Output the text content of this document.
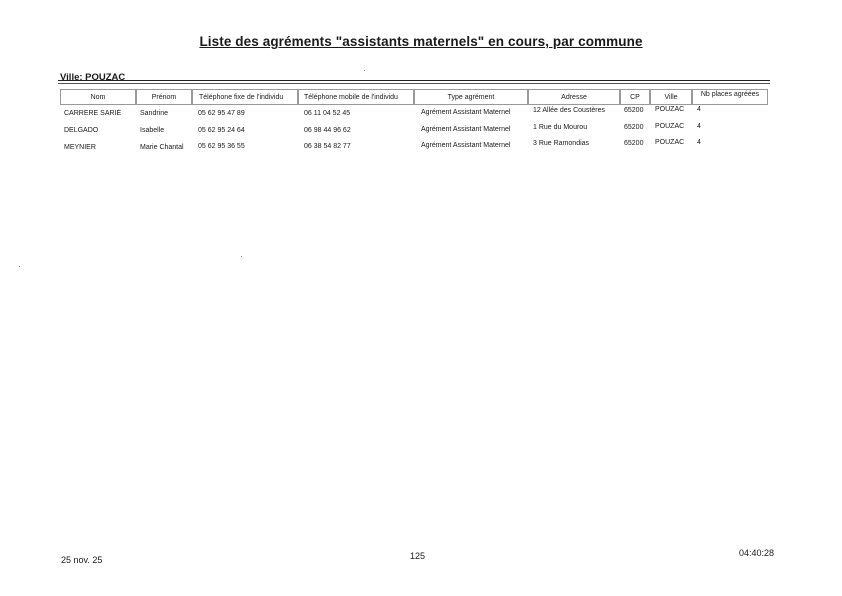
Liste des agréments "assistants maternels" en cours, par commune
Ville: POUZAC
Nom	Prénom	Téléphone fixe de l'individu	Téléphone mobile de l'individu	Type agrément	Adresse	CP	Ville	Nb places agréées
CARRERE SARIÉ	Sandrine	05 62 95 47 89	06 11 04 52 45	Agrément Assistant Maternel	12 Allée des Coustères	65200	POUZAC	4
DELGADO	Isabelle	05 62 95 24 64	06 98 44 96 62	Agrément Assistant Maternel	1 Rue du Mourou	65200	POUZAC	4
MEYNIER	Marie Chantal	05 62 95 36 55	06 38 54 82 77	Agrément Assistant Maternel	3 Rue Ramondias	65200	POUZAC	4
25 nov. 25	125	04:40:28
